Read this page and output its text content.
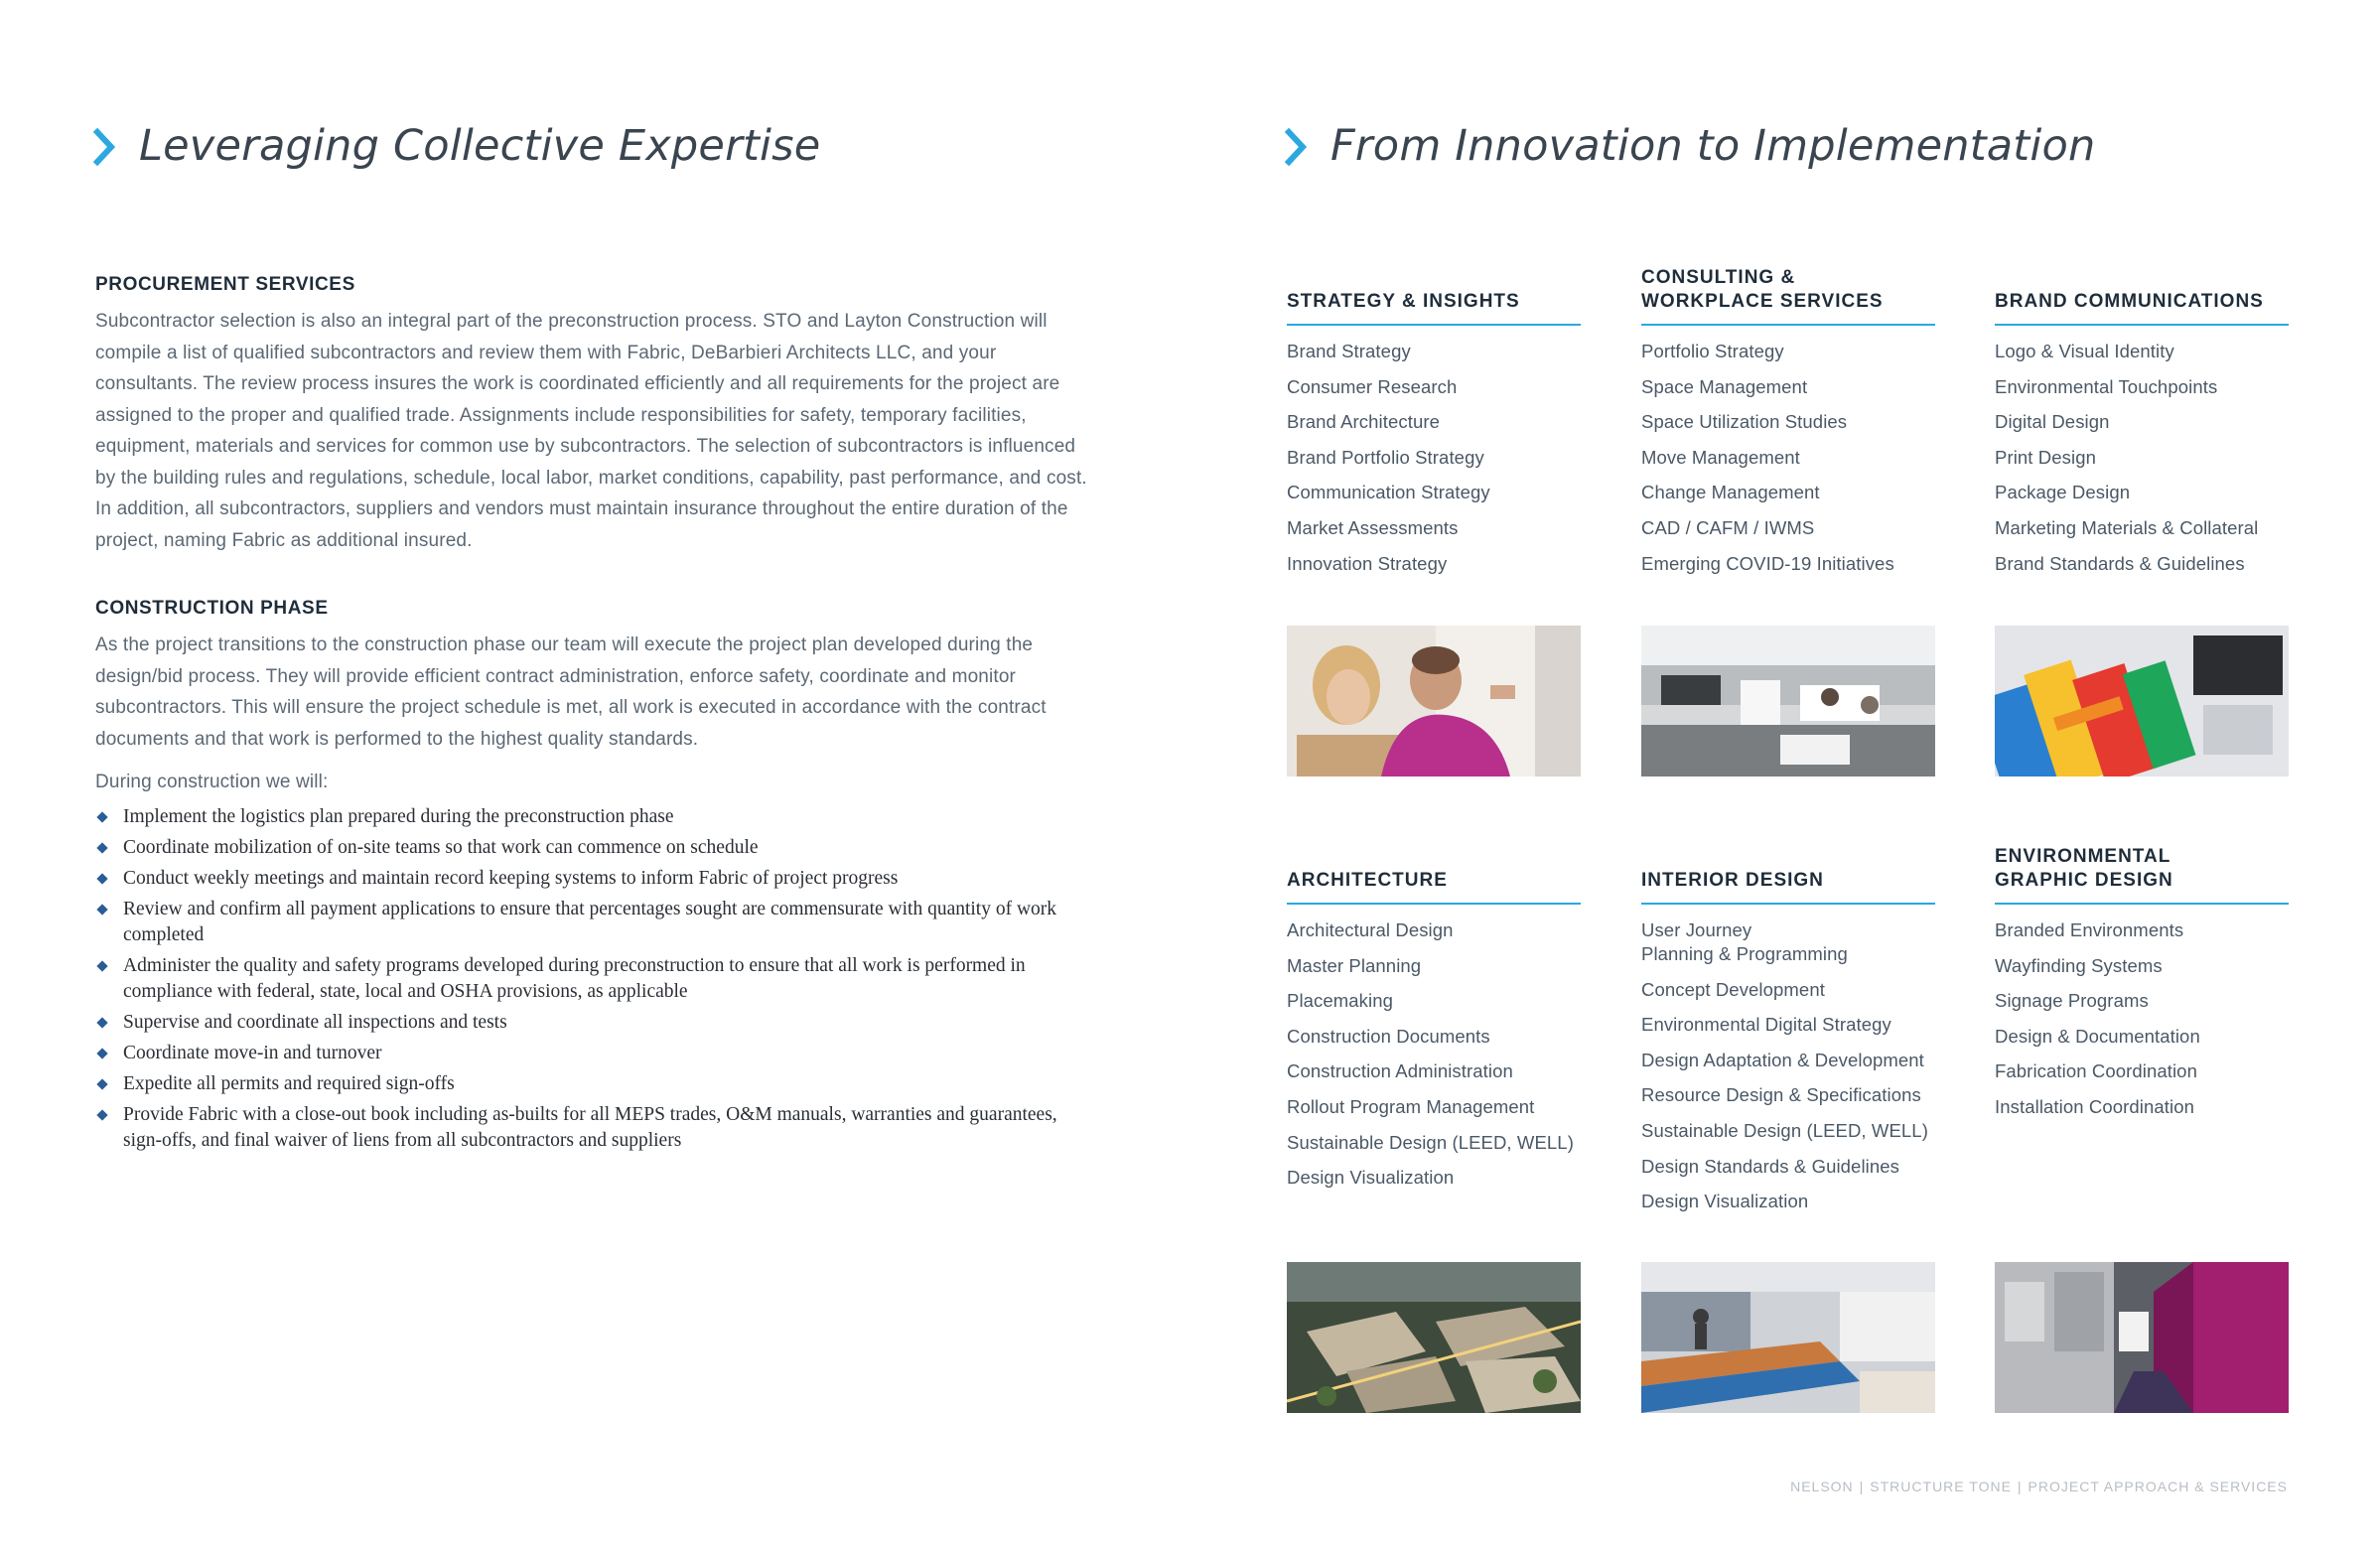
Leveraging Collective Expertise	From Innovation to Implementation
PROCUREMENT SERVICES

Subcontractor selection is also an integral part of the preconstruction process. STO and Layton Construction will compile a list of qualified subcontractors and review them with Fabric, DeBarbieri Architects LLC, and your consultants. The review process insures the work is coordinated efficiently and all requirements for the project are assigned to the proper and qualified trade. Assignments include responsibilities for safety, temporary facilities, equipment, materials and services for common use by subcontractors. The selection of subcontractors is influenced by the building rules and regulations, schedule, local labor, market conditions, capability, past performance, and cost. In addition, all subcontractors, suppliers and vendors must maintain insurance throughout the entire duration of the project, naming Fabric as additional insured.

CONSTRUCTION PHASE

As the project transitions to the construction phase our team will execute the project plan developed during the design/bid process. They will provide efficient contract administration, enforce safety, coordinate and monitor subcontractors. This will ensure the project schedule is met, all work is executed in accordance with the contract documents and that work is performed to the highest quality standards.

During construction we will:

Implement the logistics plan prepared during the preconstruction phase
Coordinate mobilization of on-site teams so that work can commence on schedule
Conduct weekly meetings and maintain record keeping systems to inform Fabric of project progress
Review and confirm all payment applications to ensure that percentages sought are commensurate with quantity of work completed
Administer the quality and safety programs developed during preconstruction to ensure that all work is performed in compliance with federal, state, local and OSHA provisions, as applicable
Supervise and coordinate all inspections and tests
Coordinate move-in and turnover
Expedite all permits and required sign-offs
Provide Fabric with a close-out book including as-builts for all MEPS trades, O&M manuals, warranties and guarantees, sign-offs, and final waiver of liens from all subcontractors and suppliers
STRATEGY & INSIGHTS
Brand Strategy
Consumer Research
Brand Architecture
Brand Portfolio Strategy
Communication Strategy
Market Assessments
Innovation Strategy
CONSULTING &
WORKPLACE SERVICES
Portfolio Strategy
Space Management
Space Utilization Studies
Move Management
Change Management
CAD / CAFM / IWMS
Emerging COVID-19 Initiatives
BRAND COMMUNICATIONS
Logo & Visual Identity
Environmental Touchpoints
Digital Design
Print Design
Package Design
Marketing Materials & Collateral
Brand Standards & Guidelines
ARCHITECTURE
Architectural Design
Master Planning
Placemaking
Construction Documents
Construction Administration
Rollout Program Management
Sustainable Design (LEED, WELL)
Design Visualization
INTERIOR DESIGN
User Journey
Planning & Programming
Concept Development
Environmental Digital Strategy
Design Adaptation & Development
Resource Design & Specifications
Sustainable Design (LEED, WELL)
Design Standards & Guidelines
Design Visualization
ENVIRONMENTAL
GRAPHIC DESIGN
Branded Environments
Wayfinding Systems
Signage Programs
Design & Documentation
Fabrication Coordination
Installation Coordination
NELSON | STRUCTURE TONE | PROJECT APPROACH & SERVICES
